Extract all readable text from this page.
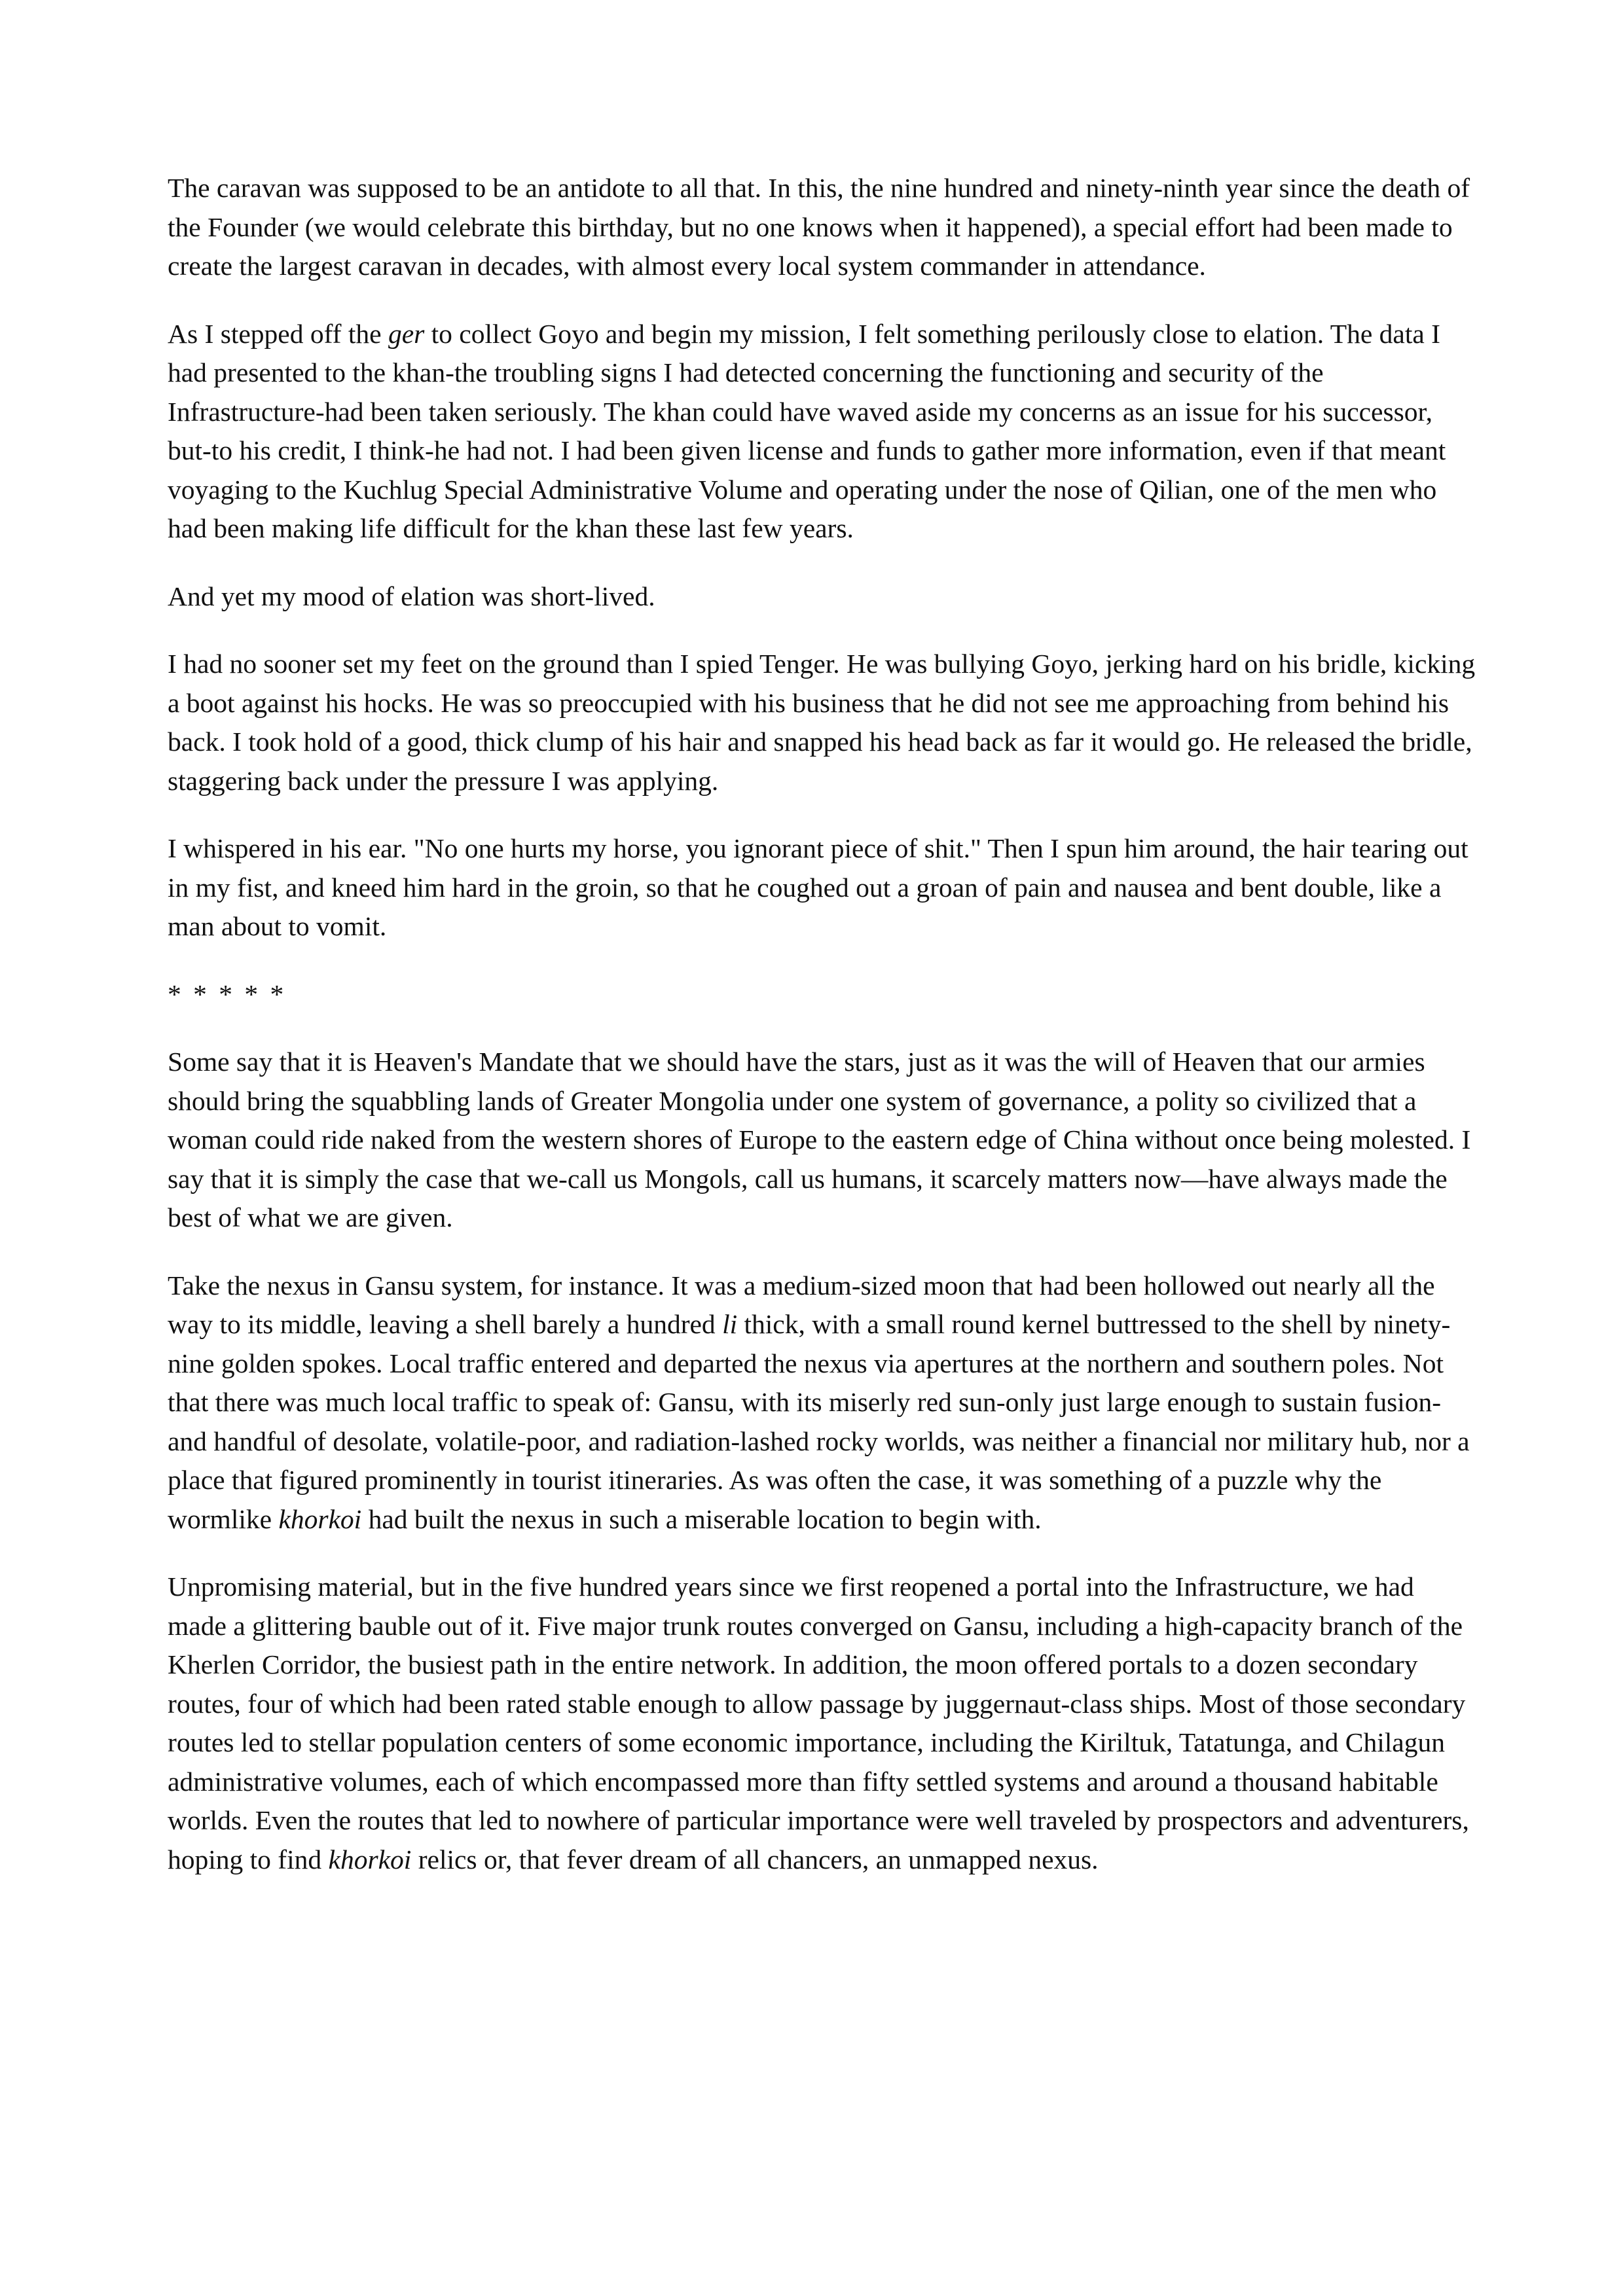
The caravan was supposed to be an antidote to all that. In this, the nine hundred and ninety-ninth year since the death of the Founder (we would celebrate this birthday, but no one knows when it happened), a special effort had been made to create the largest caravan in decades, with almost every local system commander in attendance.

As I stepped off the ger to collect Goyo and begin my mission, I felt something perilously close to elation. The data I had presented to the khan-the troubling signs I had detected concerning the functioning and security of the Infrastructure-had been taken seriously. The khan could have waved aside my concerns as an issue for his successor, but-to his credit, I think-he had not. I had been given license and funds to gather more information, even if that meant voyaging to the Kuchlug Special Administrative Volume and operating under the nose of Qilian, one of the men who had been making life difficult for the khan these last few years.

And yet my mood of elation was short-lived.

I had no sooner set my feet on the ground than I spied Tenger. He was bullying Goyo, jerking hard on his bridle, kicking a boot against his hocks. He was so preoccupied with his business that he did not see me approaching from behind his back. I took hold of a good, thick clump of his hair and snapped his head back as far it would go. He released the bridle, staggering back under the pressure I was applying.

I whispered in his ear. "No one hurts my horse, you ignorant piece of shit." Then I spun him around, the hair tearing out in my fist, and kneed him hard in the groin, so that he coughed out a groan of pain and nausea and bent double, like a man about to vomit.

* * * * *

Some say that it is Heaven's Mandate that we should have the stars, just as it was the will of Heaven that our armies should bring the squabbling lands of Greater Mongolia under one system of governance, a polity so civilized that a woman could ride naked from the western shores of Europe to the eastern edge of China without once being molested. I say that it is simply the case that we-call us Mongols, call us humans, it scarcely matters now—have always made the best of what we are given.

Take the nexus in Gansu system, for instance. It was a medium-sized moon that had been hollowed out nearly all the way to its middle, leaving a shell barely a hundred li thick, with a small round kernel buttressed to the shell by ninety-nine golden spokes. Local traffic entered and departed the nexus via apertures at the northern and southern poles. Not that there was much local traffic to speak of: Gansu, with its miserly red sun-only just large enough to sustain fusion-and handful of desolate, volatile-poor, and radiation-lashed rocky worlds, was neither a financial nor military hub, nor a place that figured prominently in tourist itineraries. As was often the case, it was something of a puzzle why the wormlike khorkoi had built the nexus in such a miserable location to begin with.

Unpromising material, but in the five hundred years since we first reopened a portal into the Infrastructure, we had made a glittering bauble out of it. Five major trunk routes converged on Gansu, including a high-capacity branch of the Kherlen Corridor, the busiest path in the entire network. In addition, the moon offered portals to a dozen secondary routes, four of which had been rated stable enough to allow passage by juggernaut-class ships. Most of those secondary routes led to stellar population centers of some economic importance, including the Kiriltuk, Tatatunga, and Chilagun administrative volumes, each of which encompassed more than fifty settled systems and around a thousand habitable worlds. Even the routes that led to nowhere of particular importance were well traveled by prospectors and adventurers, hoping to find khorkoi relics or, that fever dream of all chancers, an unmapped nexus.
